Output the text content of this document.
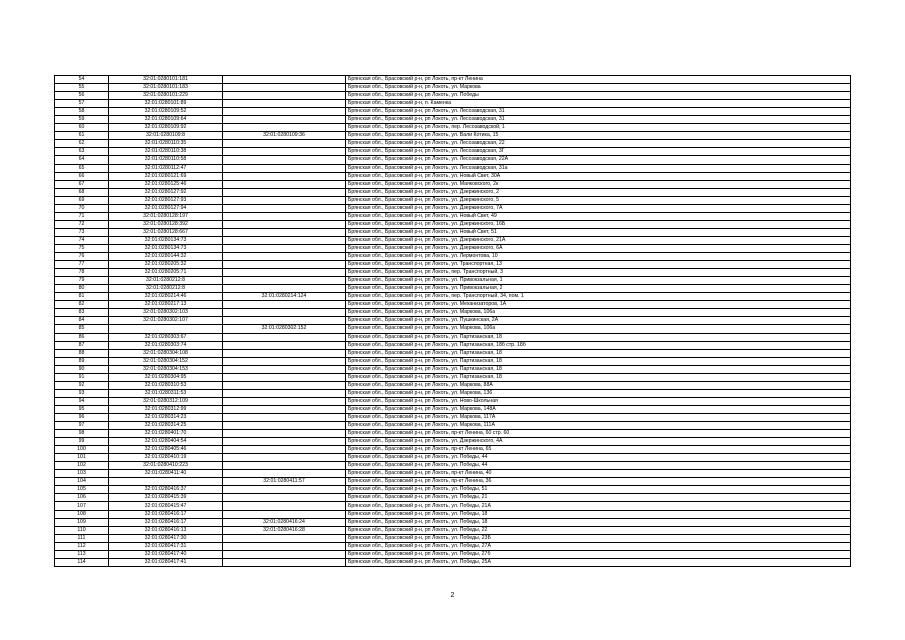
54	32:01:0280101:181		Брянская обл., Брасовский р-н, рп Локоть, пр-кт Ленина
55	32:01:0280101:183		Брянская обл., Брасовский р-н, рп Локоть, ул. Маркова
56	32:01:0280101:229		Брянская обл., Брасовский р-н, рп Локоть, ул. Победы
57	32:01:0280101:89		Брянская обл., Брасовский р-н, п. Каменка
58	32:01:0280109:52		Брянская обл., Брасовский р-н, рп Локоть, ул. Лесозаводская, 31
59	32:01:0280109:64		Брянская обл., Брасовский р-н, рп Локоть, ул. Лесозаводская, 31
60	32:01:0280109:92		Брянская обл., Брасовский р-н, рп Локоть, пер. Лесозаводской, 1
61	32:01:0280109:8	32:01:0280109:36	Брянская обл., Брасовский р-н, рп Локоть, ул. Вали Котика, 15
62	32:01:0280110:35		Брянская обл., Брасовский р-н, рп Локоть, ул. Лесозаводская, 22
63	32:01:0280110:38		Брянская обл., Брасовский р-н, рп Локоть, ул. Лесозаводская, 3Г
64	32:01:0280110:58		Брянская обл., Брасовский р-н, рп Локоть, ул. Лесозаводская, 22А
65	32:01:0280112:47		Брянская обл., Брасовский р-н, рп Локоть, ул. Лесозаводская, 31а
66	32:01:0280121:69		Брянская обл., Брасовский р-н, рп Локоть, ул. Новый Свет, 30А
67	32:01:0280125:46		Брянская обл., Брасовский р-н, рп Локоть, ул. Маяковского, 2к
68	32:01:0280127:92		Брянская обл., Брасовский р-н, рп Локоть, ул. Дзержинского, 2
69	32:01:0280127:93		Брянская обл., Брасовский р-н, рп Локоть, ул. Дзержинского, 5
70	32:01:0280127:94		Брянская обл., Брасовский р-н, рп Локоть, ул. Дзержинского, 7А
71	32:01:0280128:197		Брянская обл., Брасовский р-н, рп Локоть, ул. Новый Свет, 49
72	32:01:0280128:392		Брянская обл., Брасовский р-н, рп Локоть, ул. Дзержинского, 16Б
73	32:01:0280128:667		Брянская обл., Брасовский р-н, рп Локоть, ул. Новый Свет, 51
74	32:01:0280134:73		Брянская обл., Брасовский р-н, рп Локоть, ул. Дзержинского, 21А
75	32:01:0280134:73		Брянская обл., Брасовский р-н, рп Локоть, ул. Дзержинского, 6А
76	32:01:0280144:32		Брянская обл., Брасовский р-н, рп Локоть, ул. Лермонтова, 10
77	32:01:0280205:32		Брянская обл., Брасовский р-н, рп Локоть, ул. Транспортная, 13
78	32:01:0280205:71		Брянская обл., Брасовский р-н, рп Локоть, пер. Транспортный, 3
79	32:01:0280212:8		Брянская обл., Брасовский р-н, рп Локоть, ул. Привокзальная, 1
80	32:01:0280212:8		Брянская обл., Брасовский р-н, рп Локоть, ул. Привокзальная, 2
81	32:01:0280214:46	32:01:0280214:124	Брянская обл., Брасовский р-н, рп Локоть, пер. Транспортный, 34, пом. 1
82	32:01:0280217:13		Брянская обл., Брасовский р-н, рп Локоть, ул. Механизаторов, 1А
83	32:01:0280302:103		Брянская обл., Брасовский р-н, рп Локоть, ул. Маркова, 106а
84	32:01:0280302:107		Брянская обл., Брасовский р-н, рп Локоть, ул. Пушкинская, 2А
85		32:01:0280302:152	Брянская обл., Брасовский р-н, рп Локоть, ул. Маркова, 106а
86	32:01:0280303:67		Брянская обл., Брасовский р-н, рп Локоть, ул. Партизанская, 18
87	32:01:0280303:74		Брянская обл., Брасовский р-н, рп Локоть, ул. Партизанская, 18б стр. 18б
88	32:01:0280304:108		Брянская обл., Брасовский р-н, рп Локоть, ул. Партизанская, 18
89	32:01:0280304:152		Брянская обл., Брасовский р-н, рп Локоть, ул. Партизанская, 18
90	32:01:0280304:153		Брянская обл., Брасовский р-н, рп Локоть, ул. Партизанская, 18
91	32:01:0280304:95		Брянская обл., Брасовский р-н, рп Локоть, ул. Партизанская, 18
92	32:01:0280310:53		Брянская обл., Брасовский р-н, рп Локоть, ул. Маркова, 88А
93	32:01:0280311:53		Брянская обл., Брасовский р-н, рп Локоть, ул. Маркова, 136
94	32:01:0280312:109		Брянская обл., Брасовский р-н, рп Локоть, ул. Ново-Школьная
95	32:01:0280312:99		Брянская обл., Брасовский р-н, рп Локоть, ул. Маркова, 148А
96	32:01:0280314:23		Брянская обл., Брасовский р-н, рп Локоть, ул. Маркова, 117А
97	32:01:0280314:25		Брянская обл., Брасовский р-н, рп Локоть, ул. Маркова, 111А
98	32:01:0280401:70		Брянская обл., Брасовский р-н, рп Локоть, пр-кт Ленина, 60 стр. 60
99	32:01:0280404:54		Брянская обл., Брасовский р-н, рп Локоть, ул. Дзержинского, 4А
100	32:01:0280405:46		Брянская обл., Брасовский р-н, рп Локоть, пр-кт Ленина, 65
101	32:01:0280410:19		Брянская обл., Брасовский р-н, рп Локоть, ул. Победы, 44
102	32:01:0280410:223		Брянская обл., Брасовский р-н, рп Локоть, ул. Победы, 44
103	32:01:0280411:40		Брянская обл., Брасовский р-н, рп Локоть, пр-кт Ленина, 40
104		32:01:0280411:57	Брянская обл., Брасовский р-н, рп Локоть, пр-кт Ленина, 36
105	32:01:0280416:37		Брянская обл., Брасовский р-н, рп Локоть, ул. Победы, 51
106	32:01:0280415:39		Брянская обл., Брасовский р-н, рп Локоть, ул. Победы, 21
107	32:01:0280415:47		Брянская обл., Брасовский р-н, рп Локоть, ул. Победы, 21А
108	32:01:0280416:17		Брянская обл., Брасовский р-н, рп Локоть, ул. Победы, 18
109	32:01:0280416:17	32:01:0280416:24	Брянская обл., Брасовский р-н, рп Локоть, ул. Победы, 18
110	32:01:0280416:13	32:01:0280416:28	Брянская обл., Брасовский р-н, рп Локоть, ул. Победы, 22
111	32:01:0280417:30		Брянская обл., Брасовский р-н, рп Локоть, ул. Победы, 23Б
112	32:01:0280417:31		Брянская обл., Брасовский р-н, рп Локоть, ул. Победы, 27А
113	32:01:0280417:40		Брянская обл., Брасовский р-н, рп Локоть, ул. Победы, 27б
114	32:01:0280417:41		Брянская обл., Брасовский р-н, рп Локоть, ул. Победы, 25А
2
